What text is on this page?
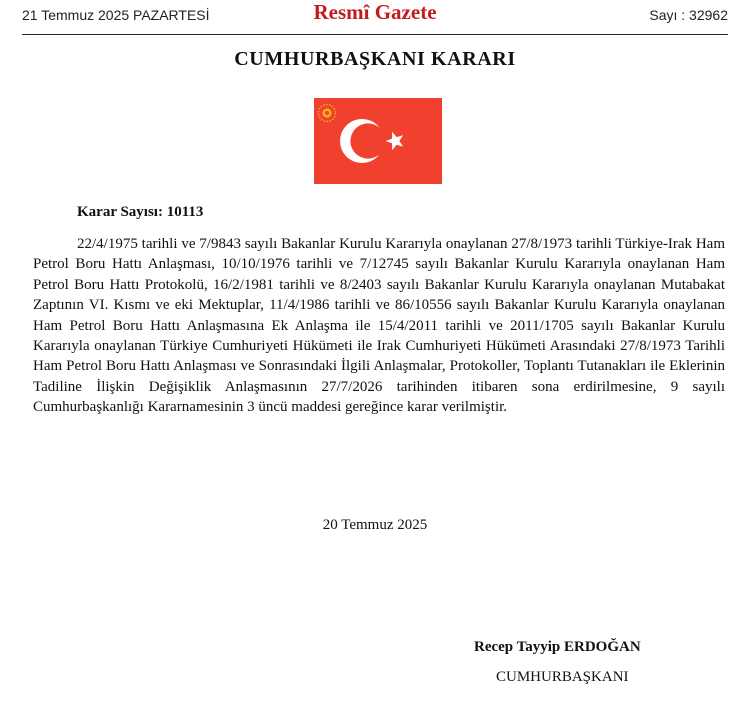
21 Temmuz 2025 PAZARTESİ	Resmî Gazete	Sayı : 32962
CUMHURBAŞKANI KARARI
Karar Sayısı: 10113

22/4/1975 tarihli ve 7/9843 sayılı Bakanlar Kurulu Kararıyla onaylanan 27/8/1973 tarihli Türkiye-Irak Ham Petrol Boru Hattı Anlaşması, 10/10/1976 tarihli ve 7/12745 sayılı Bakanlar Kurulu Kararıyla onaylanan Ham Petrol Boru Hattı Protokolü, 16/2/1981 tarihli ve 8/2403 sayılı Bakanlar Kurulu Kararıyla onaylanan Mutabakat Zaptının VI. Kısmı ve eki Mektuplar, 11/4/1986 tarihli ve 86/10556 sayılı Bakanlar Kurulu Kararıyla onaylanan Ham Petrol Boru Hattı Anlaşmasına Ek Anlaşma ile 15/4/2011 tarihli ve 2011/1705 sayılı Bakanlar Kurulu Kararıyla onaylanan Türkiye Cumhuriyeti Hükümeti ile Irak Cumhuriyeti Hükümeti Arasındaki 27/8/1973 Tarihli Ham Petrol Boru Hattı Anlaşması ve Sonrasındaki İlgili Anlaşmalar, Protokoller, Toplantı Tutanakları ile Eklerinin Tadiline İlişkin Değişiklik Anlaşmasının 27/7/2026 tarihinden itibaren sona erdirilmesine, 9 sayılı Cumhurbaşkanlığı Kararnamesinin 3 üncü maddesi gereğince karar verilmiştir.

20 Temmuz 2025
Recep Tayyip ERDOĞAN
CUMHURBAŞKANI
